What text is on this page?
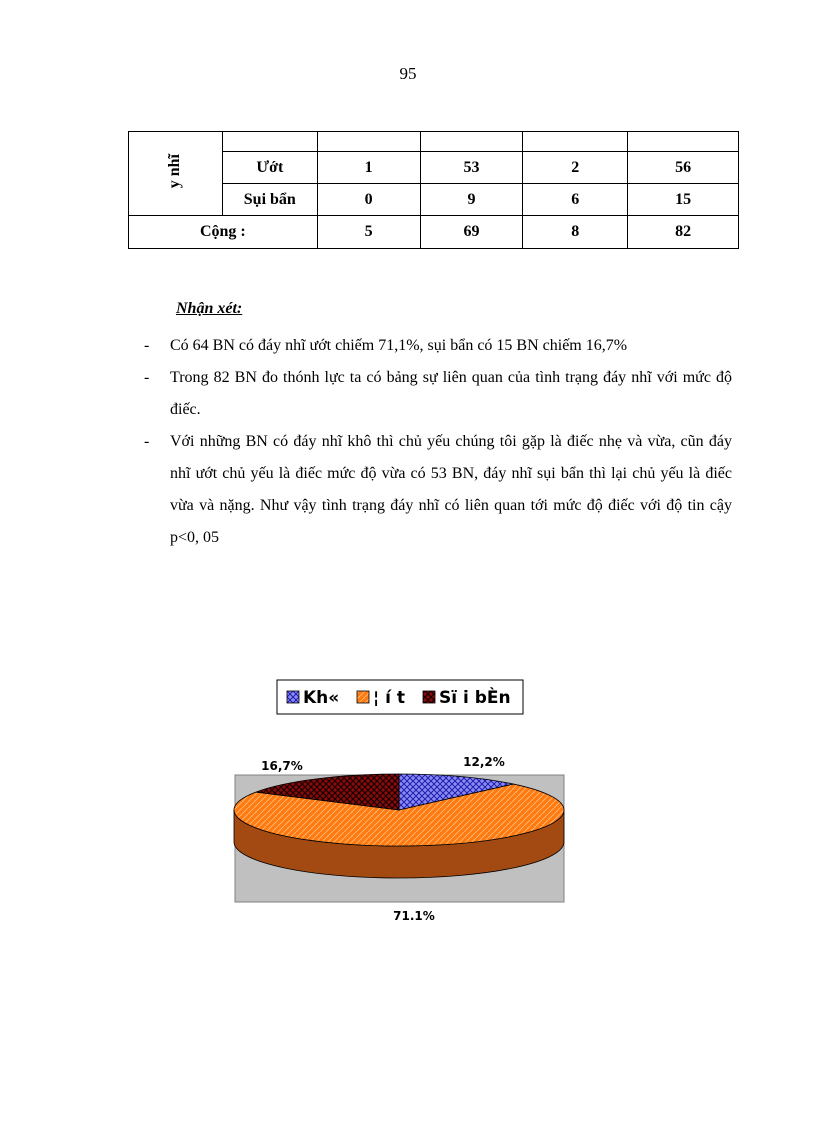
95
y nhĩ					
	Ướt	1	53	2	56
	Sụi bẩn	0	9	6	15
Cộng :		5	69	8	82
Nhận xét:
- Có 64 BN có đáy nhĩ ướt chiếm 71,1%, sụi bẩn có 15 BN chiếm 16,7%
- Trong 82 BN đo thónh lực ta có bảng sự liên quan của tình trạng đáy nhĩ với mức độ điếc.
- Với những BN có đáy nhĩ khô thì chủ yếu chúng tôi gặp là điếc nhẹ và vừa, cũn đáy nhĩ ướt chủ yếu là điếc mức độ vừa có 53 BN, đáy nhĩ sụi bẩn thì lại chủ yếu là điếc vừa và nặng. Như vậy tình trạng đáy nhĩ có liên quan tới mức độ điếc với độ tin cậy p<0, 05
Kh« ¦ í t Sï i bÈn
12,2%
71.1%
16,7%
